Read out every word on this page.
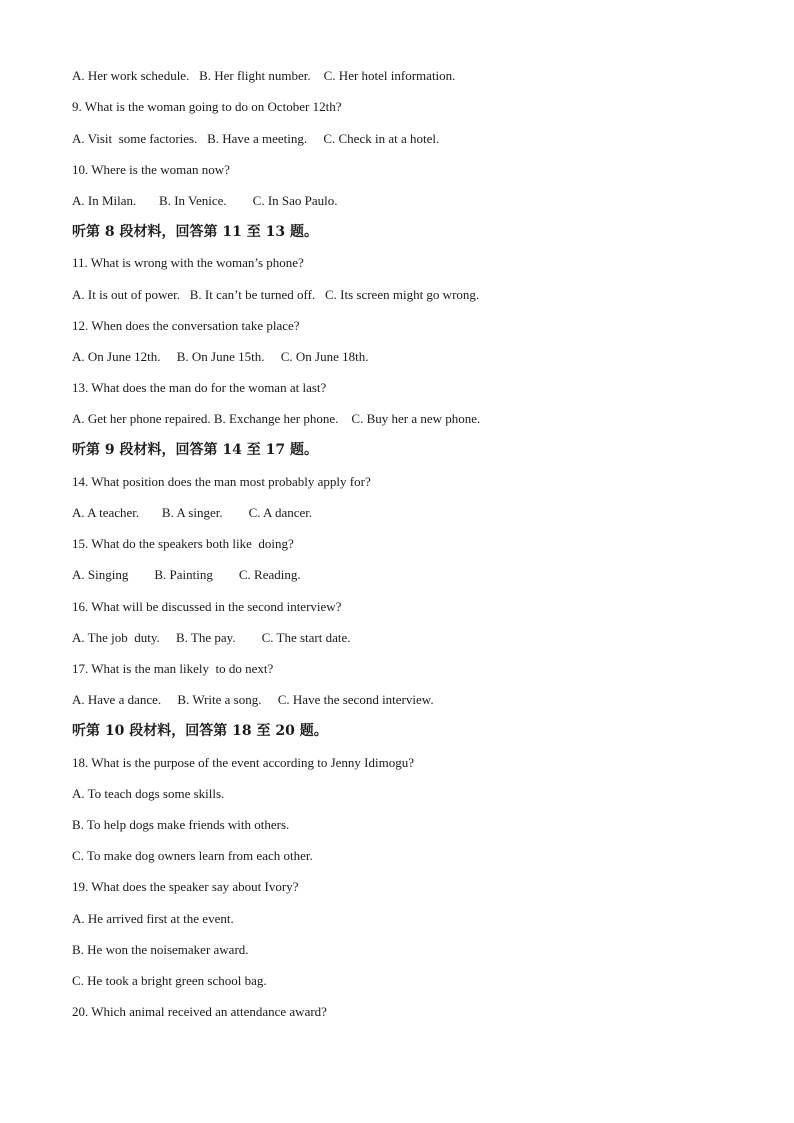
A. Her work schedule.   B. Her flight number.    C. Her hotel information.
9. What is the woman going to do on October 12th?
A. Visit  some factories.   B. Have a meeting.     C. Check in at a hotel.
10. Where is the woman now?
A. In Milan.       B. In Venice.        C. In Sao Paulo.
听第 8 段材料，回答第 11 至 13 题。
11. What is wrong with the woman’s phone?
A. It is out of power.   B. It can’t be turned off.   C. Its screen might go wrong.
12. When does the conversation take place?
A. On June 12th.     B. On June 15th.     C. On June 18th.
13. What does the man do for the woman at last?
A. Get her phone repaired. B. Exchange her phone.    C. Buy her a new phone.
听第 9 段材料，回答第 14 至 17 题。
14. What position does the man most probably apply for?
A. A teacher.       B. A singer.        C. A dancer.
15. What do the speakers both like  doing?
A. Singing        B. Painting        C. Reading.
16. What will be discussed in the second interview?
A. The job  duty.     B. The pay.        C. The start date.
17. What is the man likely  to do next?
A. Have a dance.     B. Write a song.     C. Have the second interview.
听第 10 段材料，回答第 18 至 20 题。
18. What is the purpose of the event according to Jenny Idimogu?
A. To teach dogs some skills.
B. To help dogs make friends with others.
C. To make dog owners learn from each other.
19. What does the speaker say about Ivory?
A. He arrived first at the event.
B. He won the noisemaker award.
C. He took a bright green school bag.
20. Which animal received an attendance award?
